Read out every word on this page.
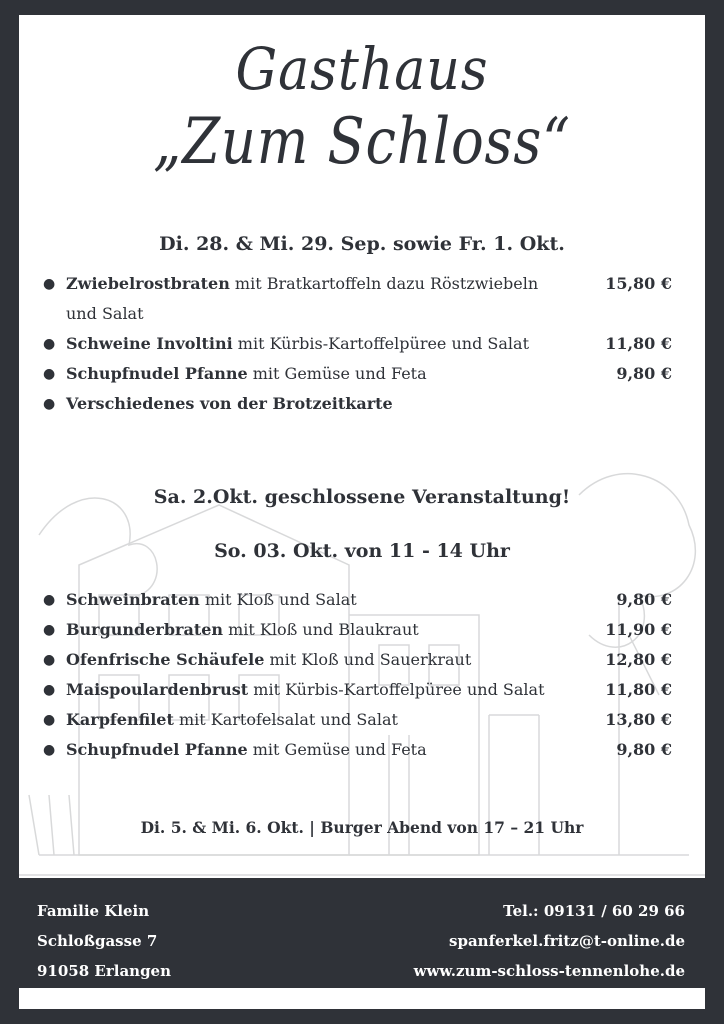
Gasthaus
„Zum Schloss“
Di. 28. & Mi. 29. Sep. sowie Fr. 1. Okt.
● Zwiebelrostbraten mit Bratkartoffeln dazu Röstzwiebeln und Salat
15,80 €
● Schweine Involtini mit Kürbis-Kartoffelpüree und Salat	11,80 €
● Schupfnudel Pfanne mit Gemüse und Feta	9,80 €
● Verschiedenes von der Brotzeitkarte
Sa. 2.Okt. geschlossene Veranstaltung!
So. 03. Okt. von 11 - 14 Uhr
● Schweinbraten mit Kloß und Salat	9,80 €
● Burgunderbraten mit Kloß und Blaukraut	11,90 €
● Ofenfrische Schäufele mit Kloß und Sauerkraut	12,80 €
● Maispoulardenbrust mit Kürbis-Kartoffelpüree und Salat	11,80 €
● Karpfenfilet mit Kartofelsalat und Salat	13,80 €
● Schupfnudel Pfanne mit Gemüse und Feta	9,80 €
Di. 5. & Mi. 6. Okt. | Burger Abend von 17 – 21 Uhr
Familie Klein
Schloßgasse 7
91058 Erlangen
Tel.: 09131 / 60 29 66
spanferkel.fritz@t-online.de
www.zum-schloss-tennenlohe.de
